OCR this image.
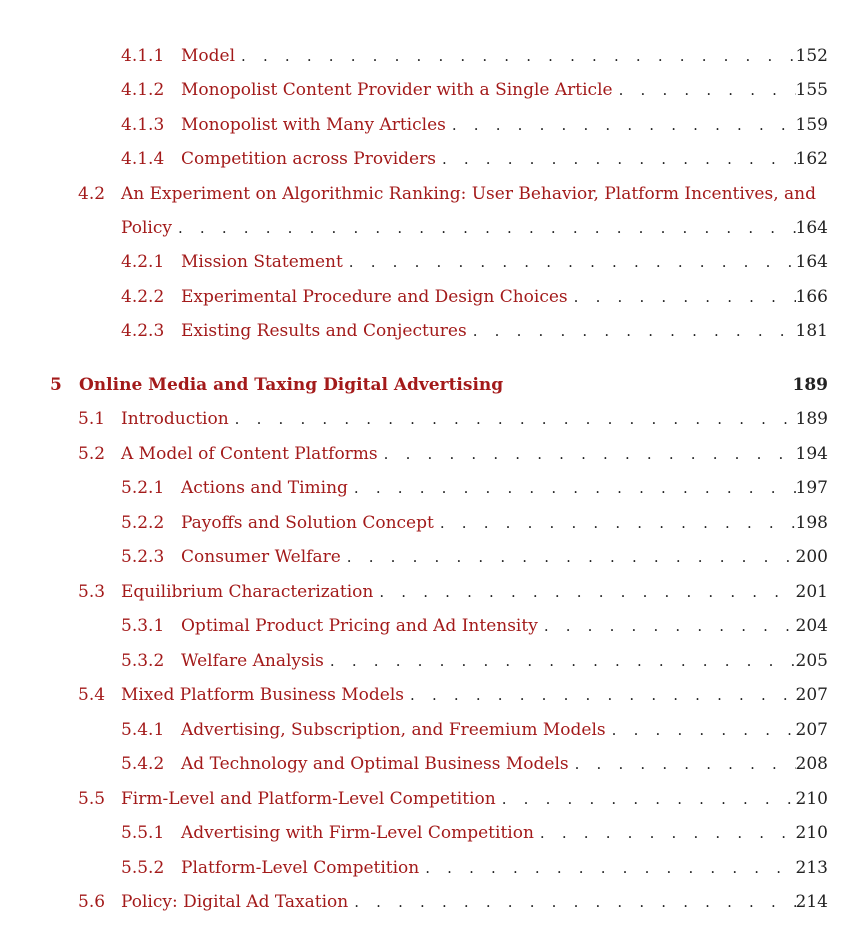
4.1.1 Model . . .	152
4.1.2 Monopolist Content Provider with a Single Article . . .	155
4.1.3 Monopolist with Many Articles . . .	159
4.1.4 Competition across Providers . . .	162
4.2 An Experiment on Algorithmic Ranking: User Behavior, Platform Incentives, and
Policy . . .	164
4.2.1 Mission Statement . . .	164
4.2.2 Experimental Procedure and Design Choices . . .	166
4.2.3 Existing Results and Conjectures . . .	181
5	Online Media and Taxing Digital Advertising	189
5.1 Introduction . . .	189
5.2 A Model of Content Platforms . . .	194
5.2.1 Actions and Timing . . .	197
5.2.2 Payoffs and Solution Concept . . .	198
5.2.3 Consumer Welfare . . .	200
5.3 Equilibrium Characterization . . .	201
5.3.1 Optimal Product Pricing and Ad Intensity . . .	204
5.3.2 Welfare Analysis . . .	205
5.4 Mixed Platform Business Models . . .	207
5.4.1 Advertising, Subscription, and Freemium Models . . .	207
5.4.2 Ad Technology and Optimal Business Models . . .	208
5.5 Firm-Level and Platform-Level Competition . . .	210
5.5.1 Advertising with Firm-Level Competition . . .	210
5.5.2 Platform-Level Competition . . .	213
5.6 Policy: Digital Ad Taxation . . .	214
